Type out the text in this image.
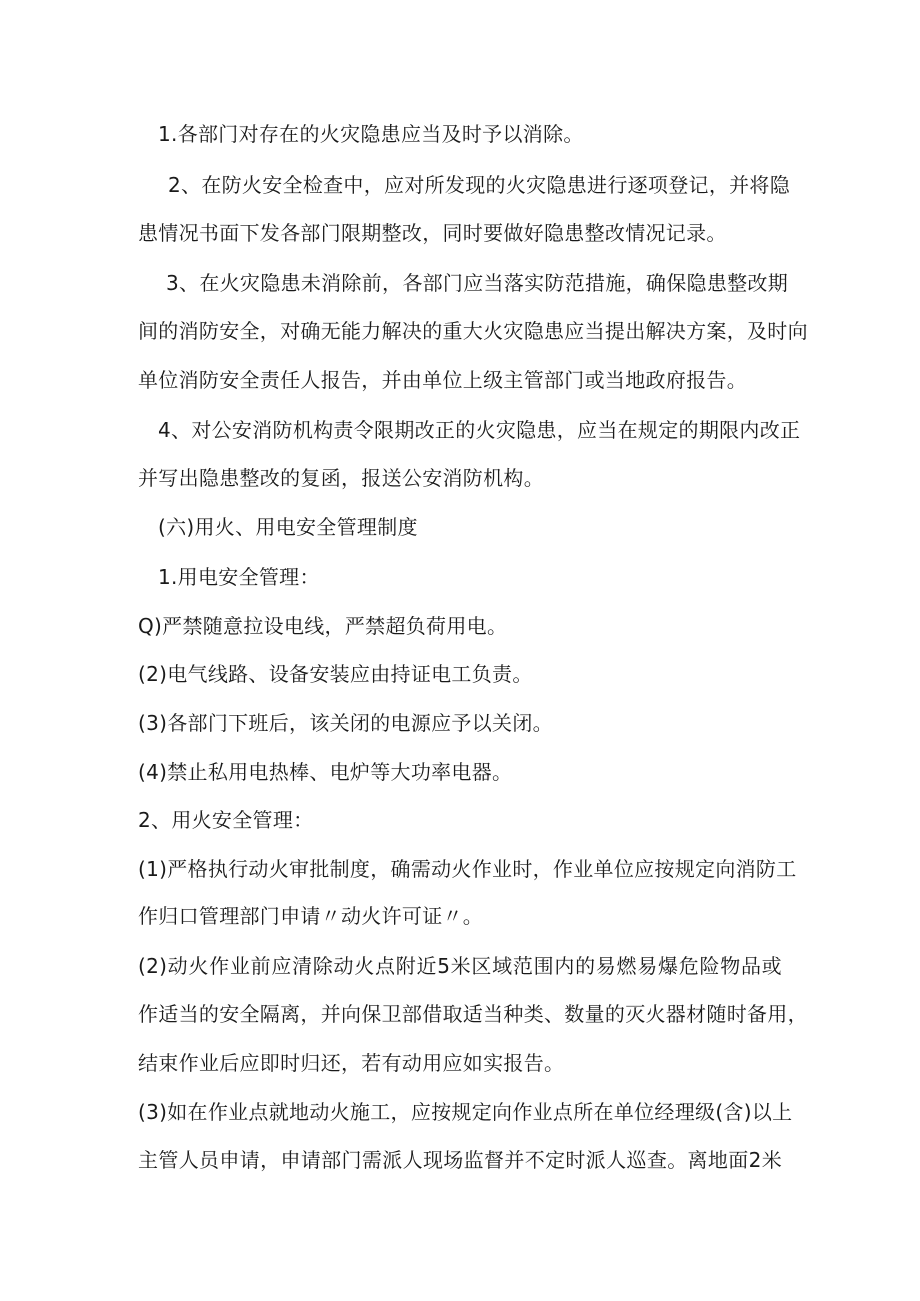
1.各部门对存在的火灾隐患应当及时予以消除。
2、在防火安全检查中，应对所发现的火灾隐患进行逐项登记，并将隐
患情况书面下发各部门限期整改，同时要做好隐患整改情况记录。
3、在火灾隐患未消除前，各部门应当落实防范措施，确保隐患整改期
间的消防安全，对确无能力解决的重大火灾隐患应当提出解决方案，及时向
单位消防安全责任人报告，并由单位上级主管部门或当地政府报告。
4、对公安消防机构责令限期改正的火灾隐患，应当在规定的期限内改正
并写出隐患整改的复函，报送公安消防机构。
(六)用火、用电安全管理制度
1.用电安全管理：
Q)严禁随意拉设电线，严禁超负荷用电。
(2)电气线路、设备安装应由持证电工负责。
(3)各部门下班后，该关闭的电源应予以关闭。
(4)禁止私用电热棒、电炉等大功率电器。
2、用火安全管理：
(1)严格执行动火审批制度，确需动火作业时，作业单位应按规定向消防工
作归口管理部门申请〃动火许可证〃。
(2)动火作业前应清除动火点附近5米区域范围内的易燃易爆危险物品或
作适当的安全隔离，并向保卫部借取适当种类、数量的灭火器材随时备用，
结束作业后应即时归还，若有动用应如实报告。
(3)如在作业点就地动火施工，应按规定向作业点所在单位经理级(含)以上
主管人员申请，申请部门需派人现场监督并不定时派人巡查。离地面2米
